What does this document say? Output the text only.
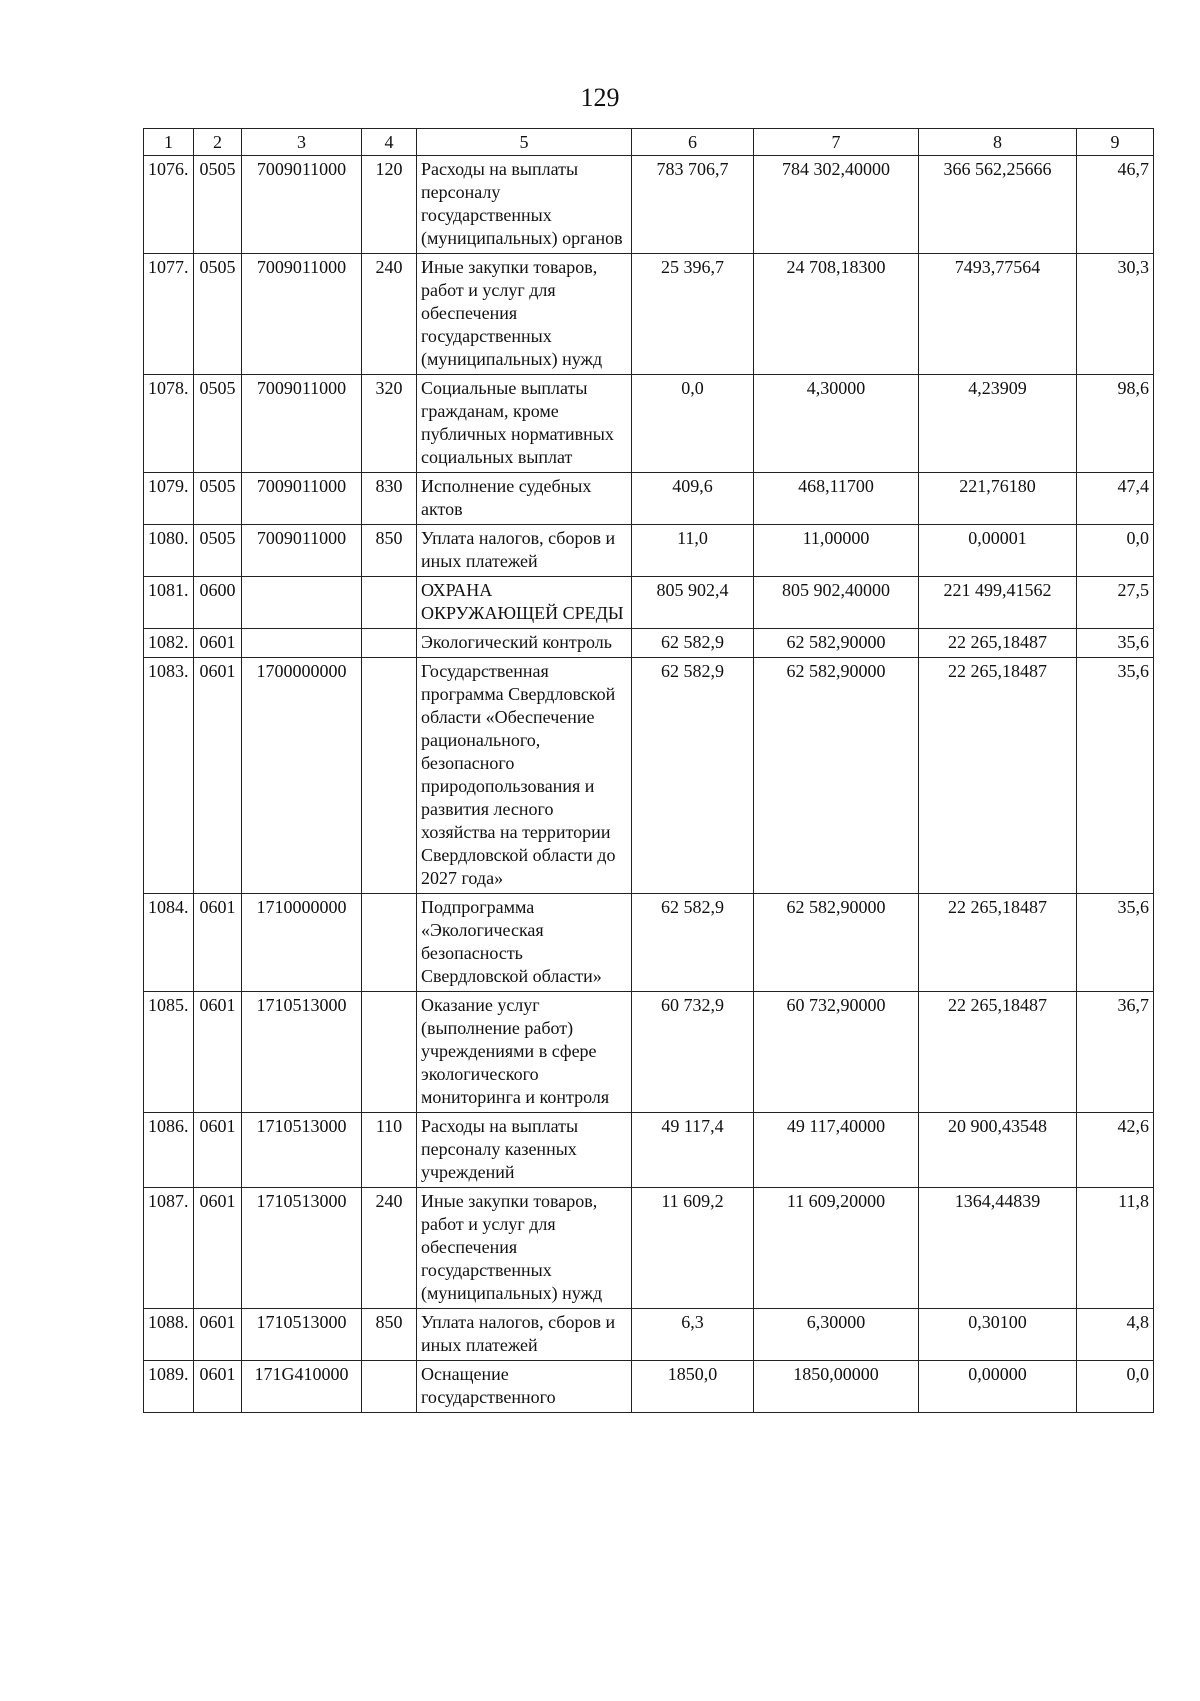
129
1	2	3	4	5	6	7	8	9
1076.	0505	7009011000	120	Расходы на выплаты персоналу государственных (муниципальных) органов	783 706,7	784 302,40000	366 562,25666	46,7
1077.	0505	7009011000	240	Иные закупки товаров, работ и услуг для обеспечения государственных (муниципальных) нужд	25 396,7	24 708,18300	7493,77564	30,3
1078.	0505	7009011000	320	Социальные выплаты гражданам, кроме публичных нормативных социальных выплат	0,0	4,30000	4,23909	98,6
1079.	0505	7009011000	830	Исполнение судебных актов	409,6	468,11700	221,76180	47,4
1080.	0505	7009011000	850	Уплата налогов, сборов и иных платежей	11,0	11,00000	0,00001	0,0
1081.	0600			ОХРАНА ОКРУЖАЮЩЕЙ СРЕДЫ	805 902,4	805 902,40000	221 499,41562	27,5
1082.	0601			Экологический контроль	62 582,9	62 582,90000	22 265,18487	35,6
1083.	0601	1700000000		Государственная программа Свердловской области «Обеспечение рационального, безопасного природопользования и развития лесного хозяйства на территории Свердловской области до 2027 года»	62 582,9	62 582,90000	22 265,18487	35,6
1084.	0601	1710000000		Подпрограмма «Экологическая безопасность Свердловской области»	62 582,9	62 582,90000	22 265,18487	35,6
1085.	0601	1710513000		Оказание услуг (выполнение работ) учреждениями в сфере экологического мониторинга и контроля	60 732,9	60 732,90000	22 265,18487	36,7
1086.	0601	1710513000	110	Расходы на выплаты персоналу казенных учреждений	49 117,4	49 117,40000	20 900,43548	42,6
1087.	0601	1710513000	240	Иные закупки товаров, работ и услуг для обеспечения государственных (муниципальных) нужд	11 609,2	11 609,20000	1364,44839	11,8
1088.	0601	1710513000	850	Уплата налогов, сборов и иных платежей	6,3	6,30000	0,30100	4,8
1089.	0601	171G410000		Оснащение государственного	1850,0	1850,00000	0,00000	0,0
